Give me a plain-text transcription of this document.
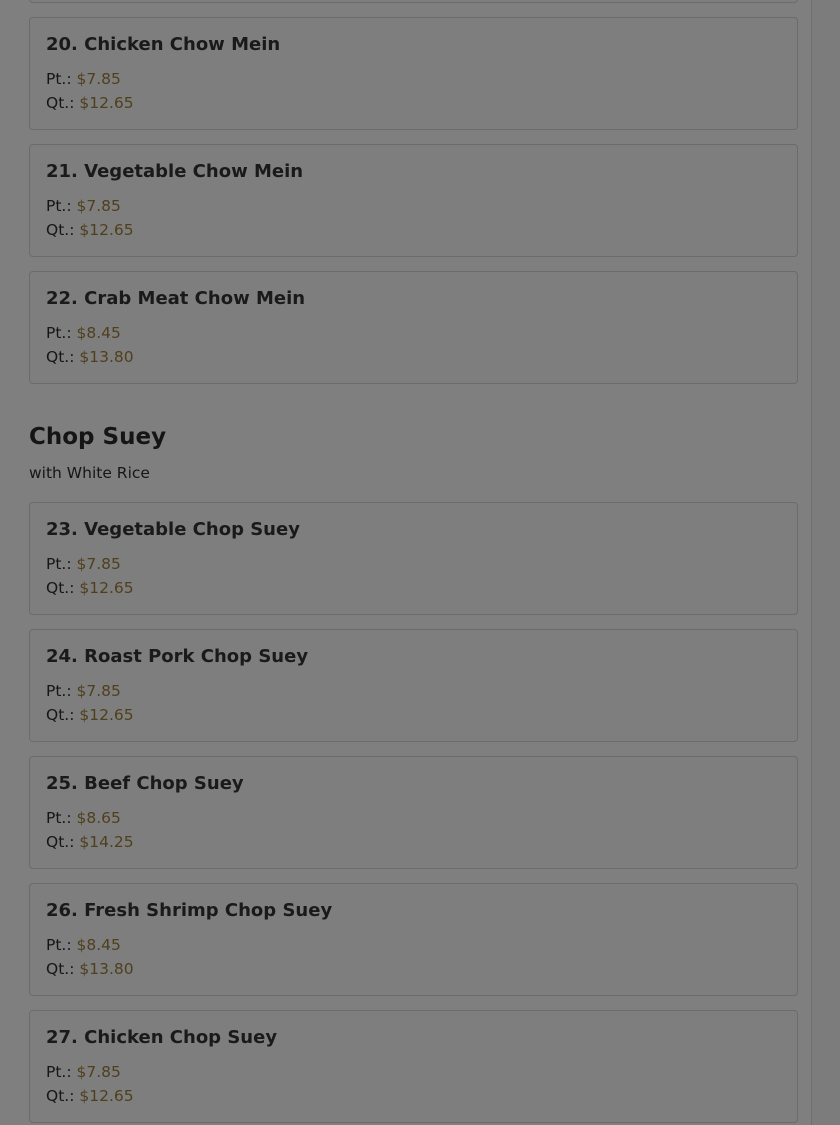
20. Chicken Chow Mein
Pt.: $7.85
Qt.: $12.65
21. Vegetable Chow Mein
Pt.: $7.85
Qt.: $12.65
22. Crab Meat Chow Mein
Pt.: $8.45
Qt.: $13.80
Chop Suey
with White Rice
23. Vegetable Chop Suey
Pt.: $7.85
Qt.: $12.65
24. Roast Pork Chop Suey
Pt.: $7.85
Qt.: $12.65
25. Beef Chop Suey
Pt.: $8.65
Qt.: $14.25
26. Fresh Shrimp Chop Suey
Pt.: $8.45
Qt.: $13.80
27. Chicken Chop Suey
Pt.: $7.85
Qt.: $12.65
